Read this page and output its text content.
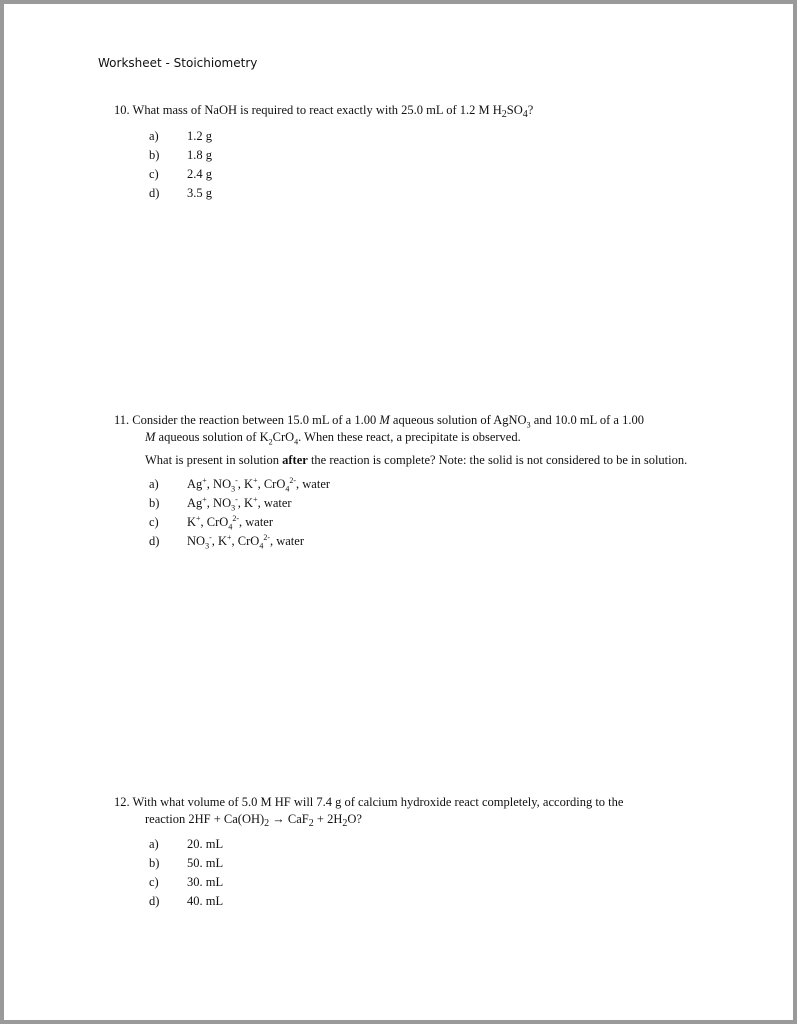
Worksheet - Stoichiometry
10. What mass of NaOH is required to react exactly with 25.0 mL of 1.2 M $H_2SO_4$?
a) 1.2 g
b) 1.8 g
c) 2.4 g
d) 3.5 g
11. Consider the reaction between 15.0 mL of a 1.00 M aqueous solution of AgNO$_3$ and 10.0 mL of a 1.00
M aqueous solution of $K_2CrO_4$. When these react, a precipitate is observed.
What is present in solution after the reaction is complete? Note: the solid is not considered to be in solution.
a) Ag+, $NO_3^-$, K+, CrO$_4^{2-}$, water
b) Ag+, $NO_3^-$, K+, water
c) K+, CrO$_4^{2-}$, water
d) $NO_3^-$, K+, CrO$_4^{2-}$, water
12. With what volume of 5.0 M HF will 7.4 g of calcium hydroxide react completely, according to the
reaction $2HF + Ca(OH)_2 \to CaF_2 + 2H_2O$?
a) 20. mL
b) 50. mL
c) 30. mL
d) 40. mL
